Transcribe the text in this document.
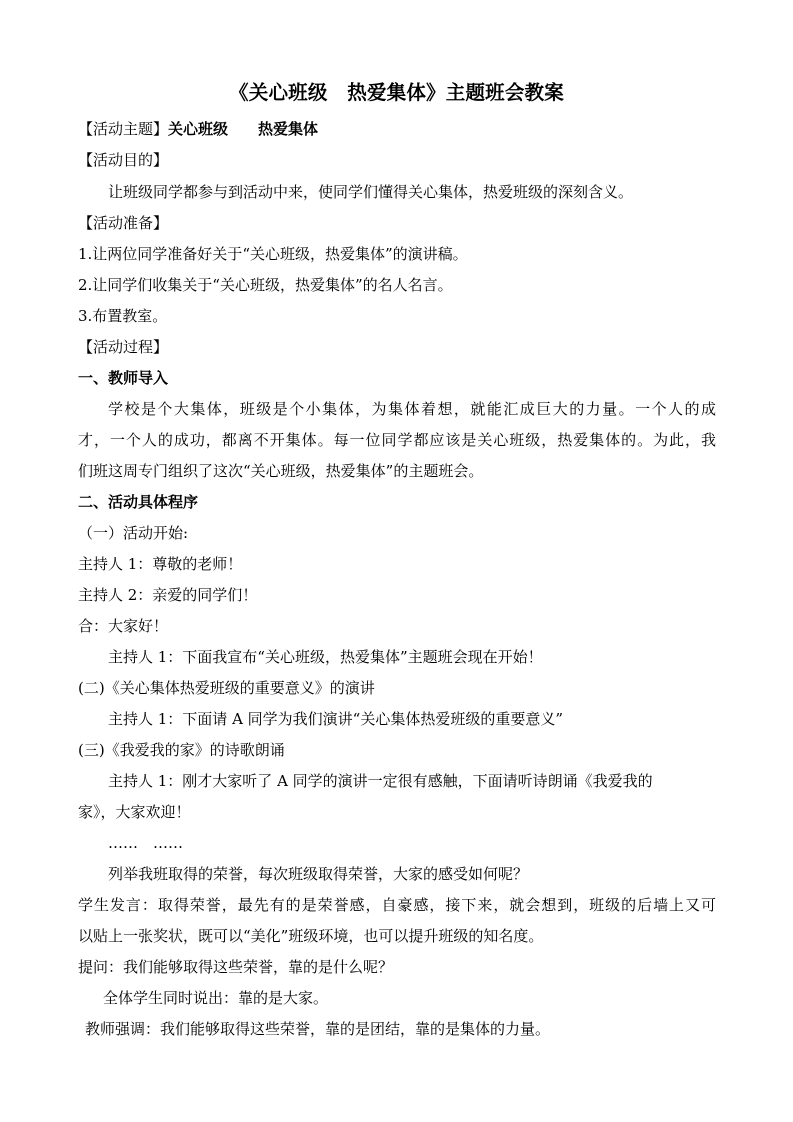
《关心班级　热爱集体》主题班会教案
【活动主题】关心班级　　热爱集体
【活动目的】
让班级同学都参与到活动中来，使同学们懂得关心集体，热爱班级的深刻含义。
【活动准备】
1.让两位同学准备好关于“关心班级，热爱集体”的演讲稿。
2.让同学们收集关于“关心班级，热爱集体”的名人名言。
3.布置教室。
【活动过程】
一、教师导入
学校是个大集体，班级是个小集体，为集体着想，就能汇成巨大的力量。一个人的成
才，一个人的成功，都离不开集体。每一位同学都应该是关心班级，热爱集体的。为此，我
们班这周专门组织了这次“关心班级，热爱集体”的主题班会。
二、活动具体程序
（一）活动开始:
主持人 1：尊敬的老师！
主持人 2：亲爱的同学们！
合：大家好！
主持人 1：下面我宣布“关心班级，热爱集体”主题班会现在开始！
(二)《关心集体热爱班级的重要意义》的演讲
主持人 1：下面请 A 同学为我们演讲“关心集体热爱班级的重要意义”
(三)《我爱我的家》的诗歌朗诵
主持人 1：刚才大家听了 A 同学的演讲一定很有感触，下面请听诗朗诵《我爱我的
家》，大家欢迎！
……　……
列举我班取得的荣誉，每次班级取得荣誉，大家的感受如何呢？
学生发言：取得荣誉，最先有的是荣誉感，自豪感，接下来，就会想到，班级的后墙上又可
以贴上一张奖状，既可以“美化”班级环境，也可以提升班级的知名度。
提问：我们能够取得这些荣誉，靠的是什么呢？
全体学生同时说出：靠的是大家。
教师强调：我们能够取得这些荣誉，靠的是团结，靠的是集体的力量。
